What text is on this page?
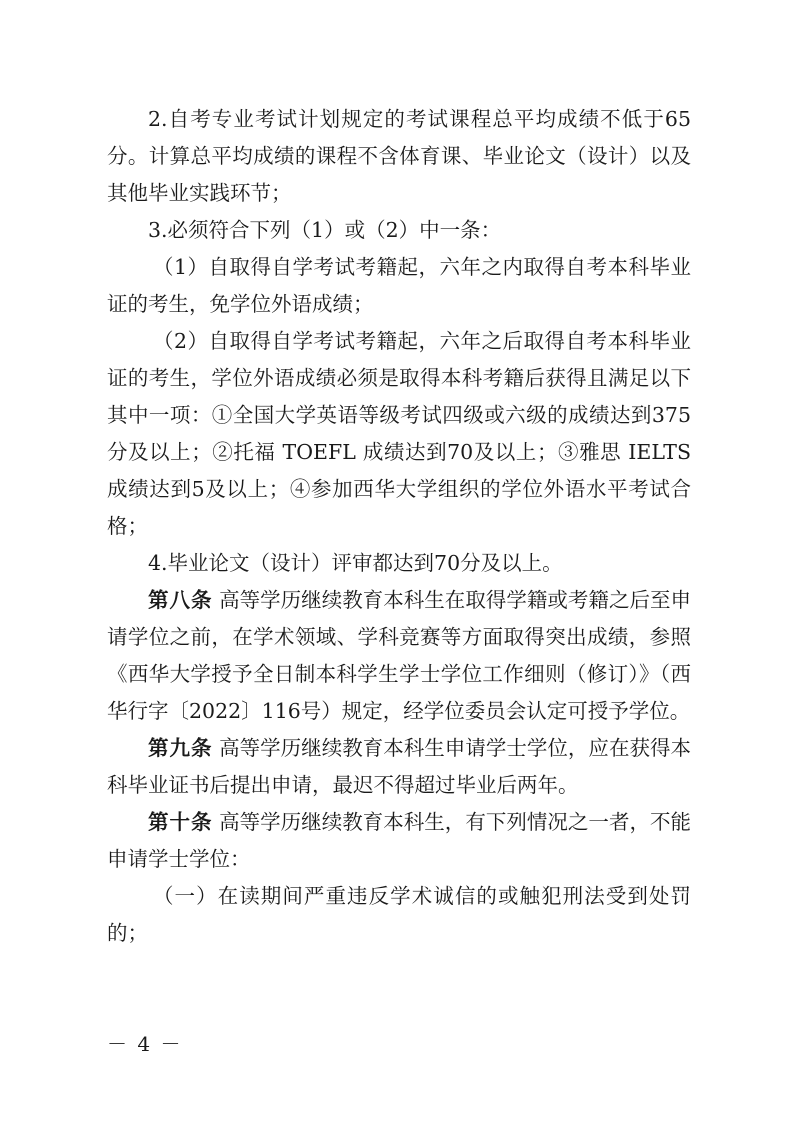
2.自考专业考试计划规定的考试课程总平均成绩不低于65分。计算总平均成绩的课程不含体育课、毕业论文（设计）以及其他毕业实践环节；

3.必须符合下列（1）或（2）中一条：

（1）自取得自学考试考籍起，六年之内取得自考本科毕业证的考生，免学位外语成绩；

（2）自取得自学考试考籍起，六年之后取得自考本科毕业证的考生，学位外语成绩必须是取得本科考籍后获得且满足以下其中一项：①全国大学英语等级考试四级或六级的成绩达到375分及以上；②托福 TOEFL 成绩达到70及以上；③雅思 IELTS 成绩达到5及以上；④参加西华大学组织的学位外语水平考试合格；

4.毕业论文（设计）评审都达到70分及以上。

第八条 高等学历继续教育本科生在取得学籍或考籍之后至申请学位之前，在学术领域、学科竞赛等方面取得突出成绩，参照《西华大学授予全日制本科学生学士学位工作细则（修订）》（西华行字〔2022〕116号）规定，经学位委员会认定可授予学位。

第九条 高等学历继续教育本科生申请学士学位，应在获得本科毕业证书后提出申请，最迟不得超过毕业后两年。

第十条 高等学历继续教育本科生，有下列情况之一者，不能申请学士学位：

（一）在读期间严重违反学术诚信的或触犯刑法受到处罚的；

－ 4 －
